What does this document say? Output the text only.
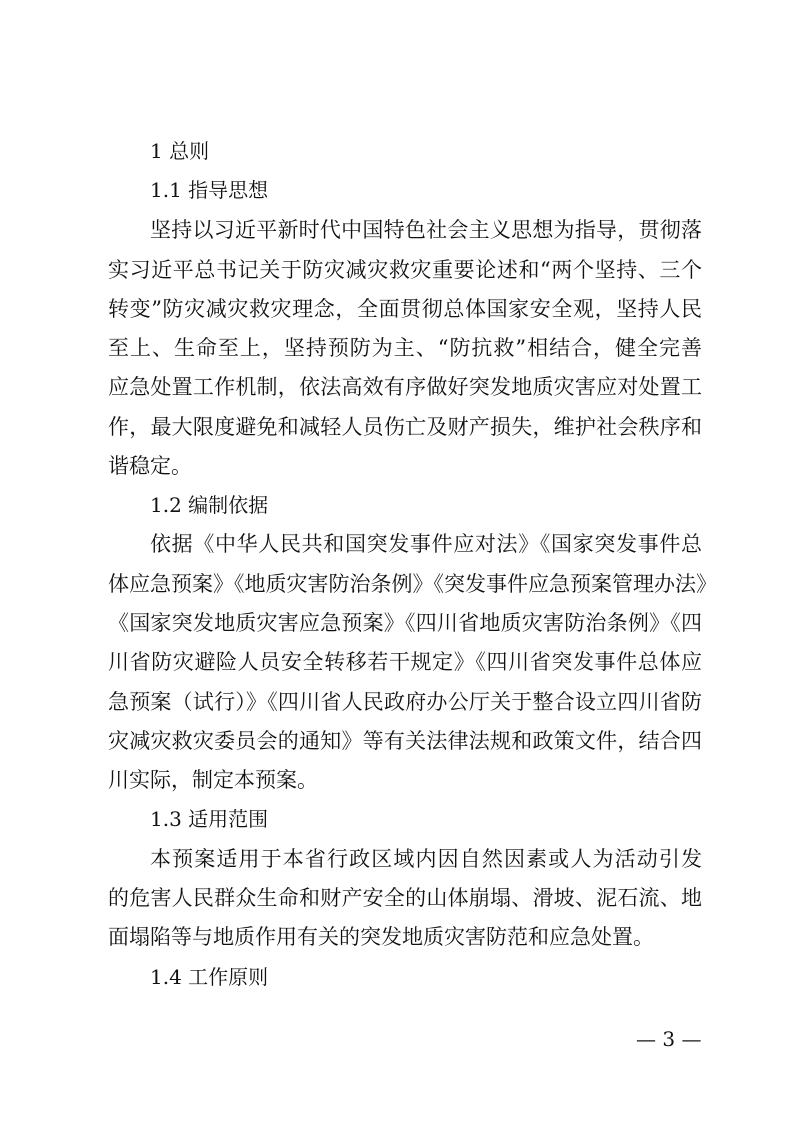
1 总则
1.1 指导思想
坚持以习近平新时代中国特色社会主义思想为指导，贯彻落
实习近平总书记关于防灾减灾救灾重要论述和“两个坚持、三个
转变”防灾减灾救灾理念，全面贯彻总体国家安全观，坚持人民
至上、生命至上，坚持预防为主、“防抗救”相结合，健全完善
应急处置工作机制，依法高效有序做好突发地质灾害应对处置工
作，最大限度避免和减轻人员伤亡及财产损失，维护社会秩序和
谐稳定。
1.2 编制依据
依据《中华人民共和国突发事件应对法》《国家突发事件总
体应急预案》《地质灾害防治条例》《突发事件应急预案管理办法》
《国家突发地质灾害应急预案》《四川省地质灾害防治条例》《四
川省防灾避险人员安全转移若干规定》《四川省突发事件总体应
急预案（试行）》《四川省人民政府办公厅关于整合设立四川省防
灾减灾救灾委员会的通知》等有关法律法规和政策文件，结合四
川实际，制定本预案。
1.3 适用范围
本预案适用于本省行政区域内因自然因素或人为活动引发
的危害人民群众生命和财产安全的山体崩塌、滑坡、泥石流、地
面塌陷等与地质作用有关的突发地质灾害防范和应急处置。
1.4 工作原则
— 3 —
